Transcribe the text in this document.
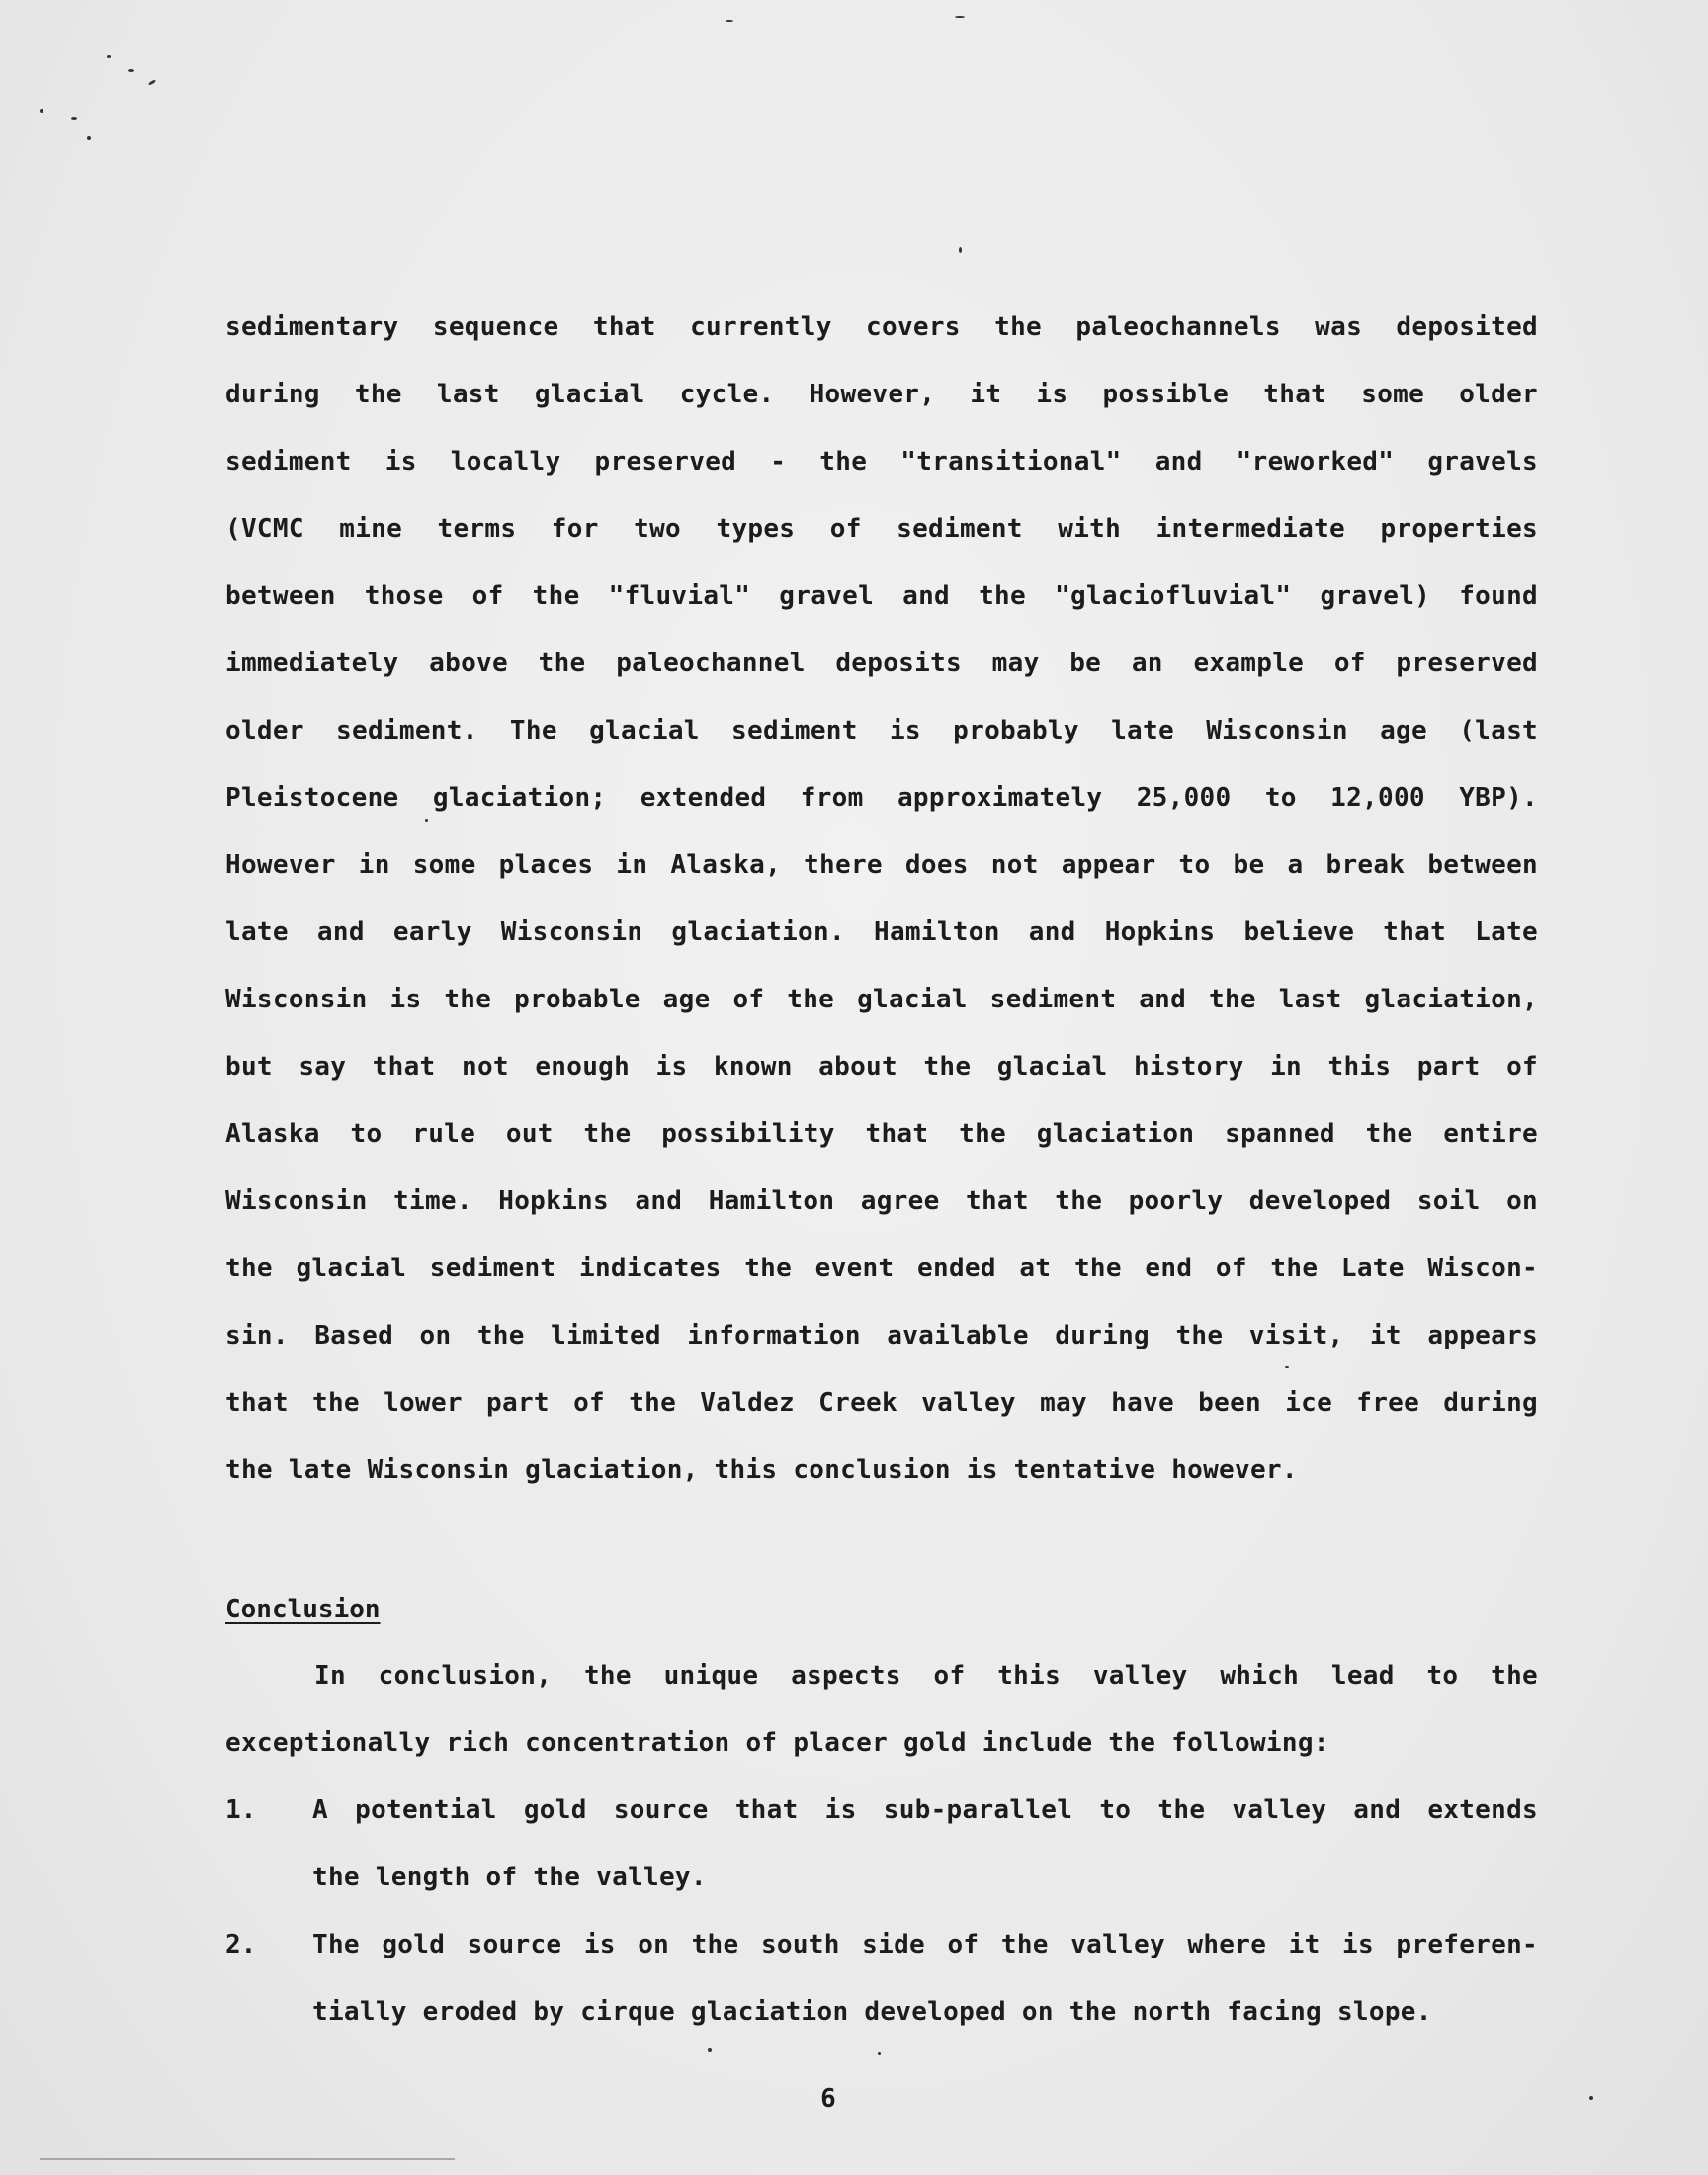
sedimentary sequence that currently covers the paleochannels was deposited
during the last glacial cycle. However, it is possible that some older
sediment is locally preserved - the "transitional" and "reworked" gravels
(VCMC mine terms for two types of sediment with intermediate properties
between those of the "fluvial" gravel and the "glaciofluvial" gravel) found
immediately above the paleochannel deposits may be an example of preserved
older sediment. The glacial sediment is probably late Wisconsin age (last
Pleistocene glaciation; extended from approximately 25,000 to 12,000 YBP).
However in some places in Alaska, there does not appear to be a break between
late and early Wisconsin glaciation. Hamilton and Hopkins believe that Late
Wisconsin is the probable age of the glacial sediment and the last glaciation,
but say that not enough is known about the glacial history in this part of
Alaska to rule out the possibility that the glaciation spanned the entire
Wisconsin time. Hopkins and Hamilton agree that the poorly developed soil on
the glacial sediment indicates the event ended at the end of the Late Wiscon-
sin. Based on the limited information available during the visit, it appears
that the lower part of the Valdez Creek valley may have been ice free during
the late Wisconsin glaciation, this conclusion is tentative however.
Conclusion
In conclusion, the unique aspects of this valley which lead to the
exceptionally rich concentration of placer gold include the following:
1. A potential gold source that is sub-parallel to the valley and extends
the length of the valley.
2. The gold source is on the south side of the valley where it is preferen-
tially eroded by cirque glaciation developed on the north facing slope.
6
